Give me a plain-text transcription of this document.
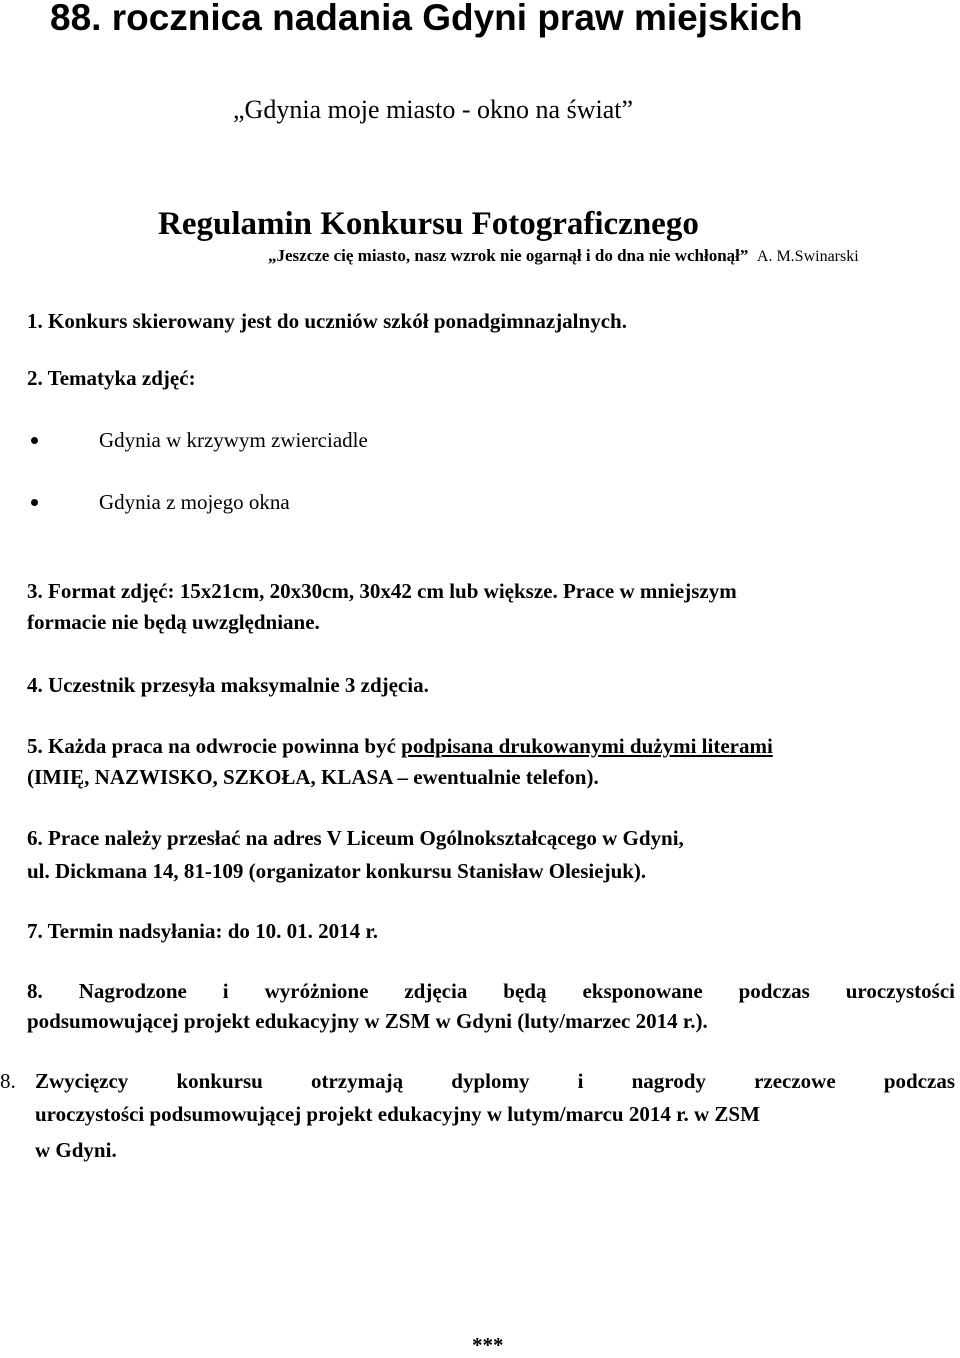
88. rocznica nadania Gdyni praw miejskich
„Gdynia moje miasto - okno na świat”
Regulamin Konkursu Fotograficznego
„Jeszcze cię miasto, nasz wzrok nie ogarnął i do dna nie wchłonął” A. M.Swinarski
1. Konkurs skierowany jest do uczniów szkół ponadgimnazjalnych.
2. Tematyka zdjęć:
Gdynia w krzywym zwierciadle
Gdynia z mojego okna
3. Format zdjęć: 15x21cm, 20x30cm, 30x42 cm lub większe. Prace w mniejszym
formacie nie będą uwzględniane.
4. Uczestnik przesyła maksymalnie 3 zdjęcia.
5. Każda praca na odwrocie powinna być podpisana drukowanymi dużymi literami
(IMIĘ, NAZWISKO, SZKOŁA, KLASA – ewentualnie telefon).
6. Prace należy przesłać na adres V Liceum Ogólnokształcącego w Gdyni,
ul. Dickmana 14, 81-109 (organizator konkursu Stanisław Olesiejuk).
7. Termin nadsyłania: do 10. 01. 2014 r.
8. Nagrodzone i wyróżnione zdjęcia będą eksponowane podczas uroczystości
podsumowującej projekt edukacyjny w ZSM w Gdyni (luty/marzec 2014 r.).
8. Zwycięzcy konkursu otrzymają dyplomy i nagrody rzeczowe podczas
uroczystości podsumowującej projekt edukacyjny w lutym/marcu 2014 r. w ZSM
w Gdyni.
***
